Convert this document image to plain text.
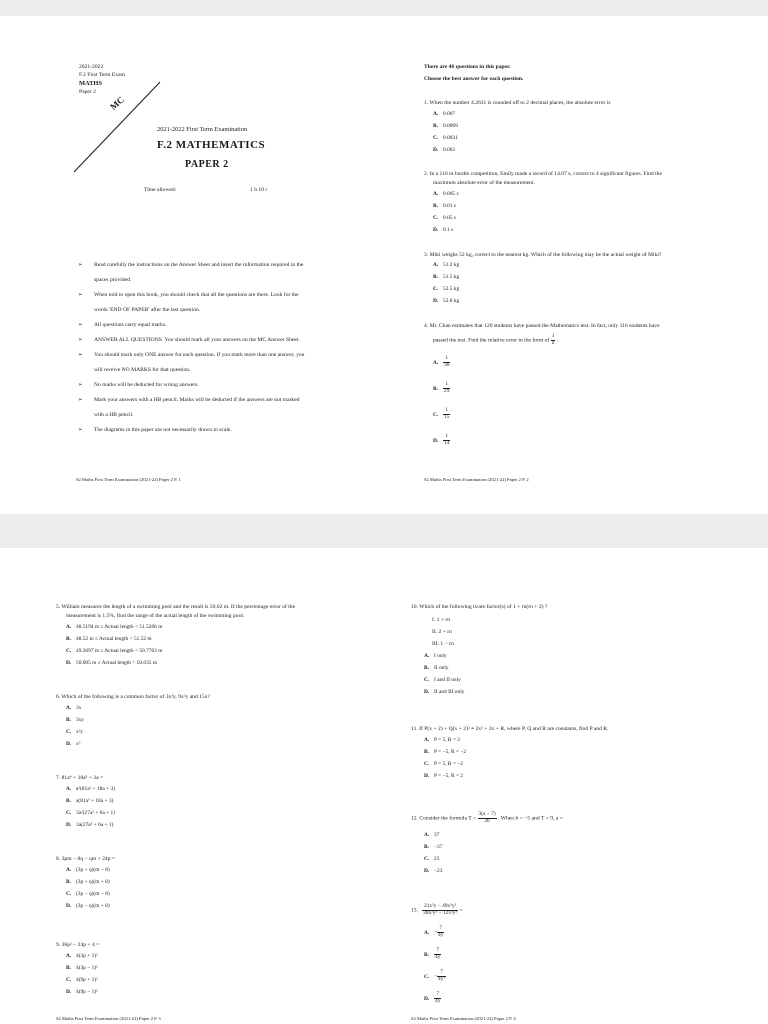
2021-2022
F.2 First Term Exam
MATHS
Paper 2
MC
2021-2022 First Term Examination
F.2 MATHEMATICS
PAPER 2
Time allowed:	1 h 10 r
➢ Read carefully the instructions on the Answer Sheet and insert the information required in the
spaces provided.
➢ When told to open this book, you should check that all the questions are there. Look for the
words 'END OF PAPER' after the last question.
➢ All questions carry equal marks.
➢ ANSWER ALL QUESTIONS. You should mark all your answers on the MC Answer Sheet.
➢ You should mark only ONE answer for each question. If you mark more than one answer, you
will receive NO MARKS for that question.
➢ No marks will be deducted for wrong answers.
➢ Mark your answers with a HB pencil. Marks will be deducted if the answers are not marked
with a HB pencil.
➢ The diagrams in this paper are not necessarily drawn to scale.
S2 Maths First Term Examination (2021-22) Paper 2 P. 1
There are 46 questions in this paper.
Choose the best answer for each question.
1. When the number 4.2631 is rounded off to 2 decimal places, the absolute error is
A. 0.007
B. 0.0069
C. 0.0031
D. 0.003
2. In a 110 m hurdle competition, Emily made a record of 14.07 s, correct to 4 significant figures. Find the
maximum absolute error of the measurement.
A. 0.005 s
B. 0.01 s
C. 0.05 s
D. 0.1 s
3. Miki weighs 52 kg, correct to the nearest kg. Which of the following may be the actual weight of Miki?
A. 51.2 kg
B. 51.5 kg
C. 52.5 kg
D. 52.8 kg
4. Mr. Chan estimates that 120 students have passed the Mathematics test. In fact, only 116 students have
passed the test. Find the relative error in the form of $\frac{1}{n}$ .
A. $\frac{1}{30}$
B. $\frac{1}{29}$
C. $\frac{1}{15}$
D. $\frac{1}{14}$
S2 Maths First Term Examination (2021-22) Paper 2 P. 2
5. William measures the length of a swimming pool and the result is 50.02 m. If the percentage error of the
measurement is 1.5%, find the range of the actual length of the swimming pool.
A. 48.5194 m ≤ Actual length < 51.5206 m
B. 48.52 m ≤ Actual length < 51.52 m
C. 49.2697 m ≤ Actual length < 50.7703 m
D. 50.005 m ≤ Actual length < 50.035 m
6. Which of the following is a common factor of 3x³y, 9x²y and 15x?
A. 3x
B. 3xy
C. x²y
D. x³
7. 81a⁴ + 18a³ + 3a =
A. a²(81a² + 18a + 3)
B. a(81a³ + 18a + 3)
C. 3a²(27a² + 6a + 1)
D. 3a(27a³ + 6a + 1)
8. 3pm − 8q − qm + 24p =
A. (3p + q)(m − 8)
B. (3p + q)(m + 8)
C. (3p − q)(m − 8)
D. (3p − q)(m + 8)
9. 36p² − 24p + 4 =
A. 4(3p + 1)²
B. 4(3p − 1)²
C. 4(9p + 1)²
D. 4(9p − 1)²
S2 Maths First Term Examination (2021-22) Paper 2 P. 3
10. Which of the following is/are factor(s) of 1 + rn(rn + 2) ?
I. 1 + rn
II. 2 + rn
III. 1 − rn
A. I only
B. II only
C. I and II only
D. II and III only
11. If P(x + 2) + Q(x + 2)² ≡ 2x² + 3x + R, where P, Q and R are constants, find P and R.
A. P = 5, R = 2
B. P = −5, R = −2
C. P = 5, R = −2
D. P = −5, R = 2
12. Consider the formula $T = \frac{3(a - 7)}{2b}$ . When b = −5 and T = 9, a =
A. 37
B. −37
C. 23
D. −23
13. $\frac{\text{21x²y − 49x³y²}}{\text{28x²y³ − 12x³y³}}$ =
A. − $\frac{7}{4y}$
B. $\frac{7}{4y}$
C. − $\frac{7}{\text{4y²}}$
D. $\frac{7}{4y}$
S2 Maths First Term Examination (2021-22) Paper 2 P. 4
